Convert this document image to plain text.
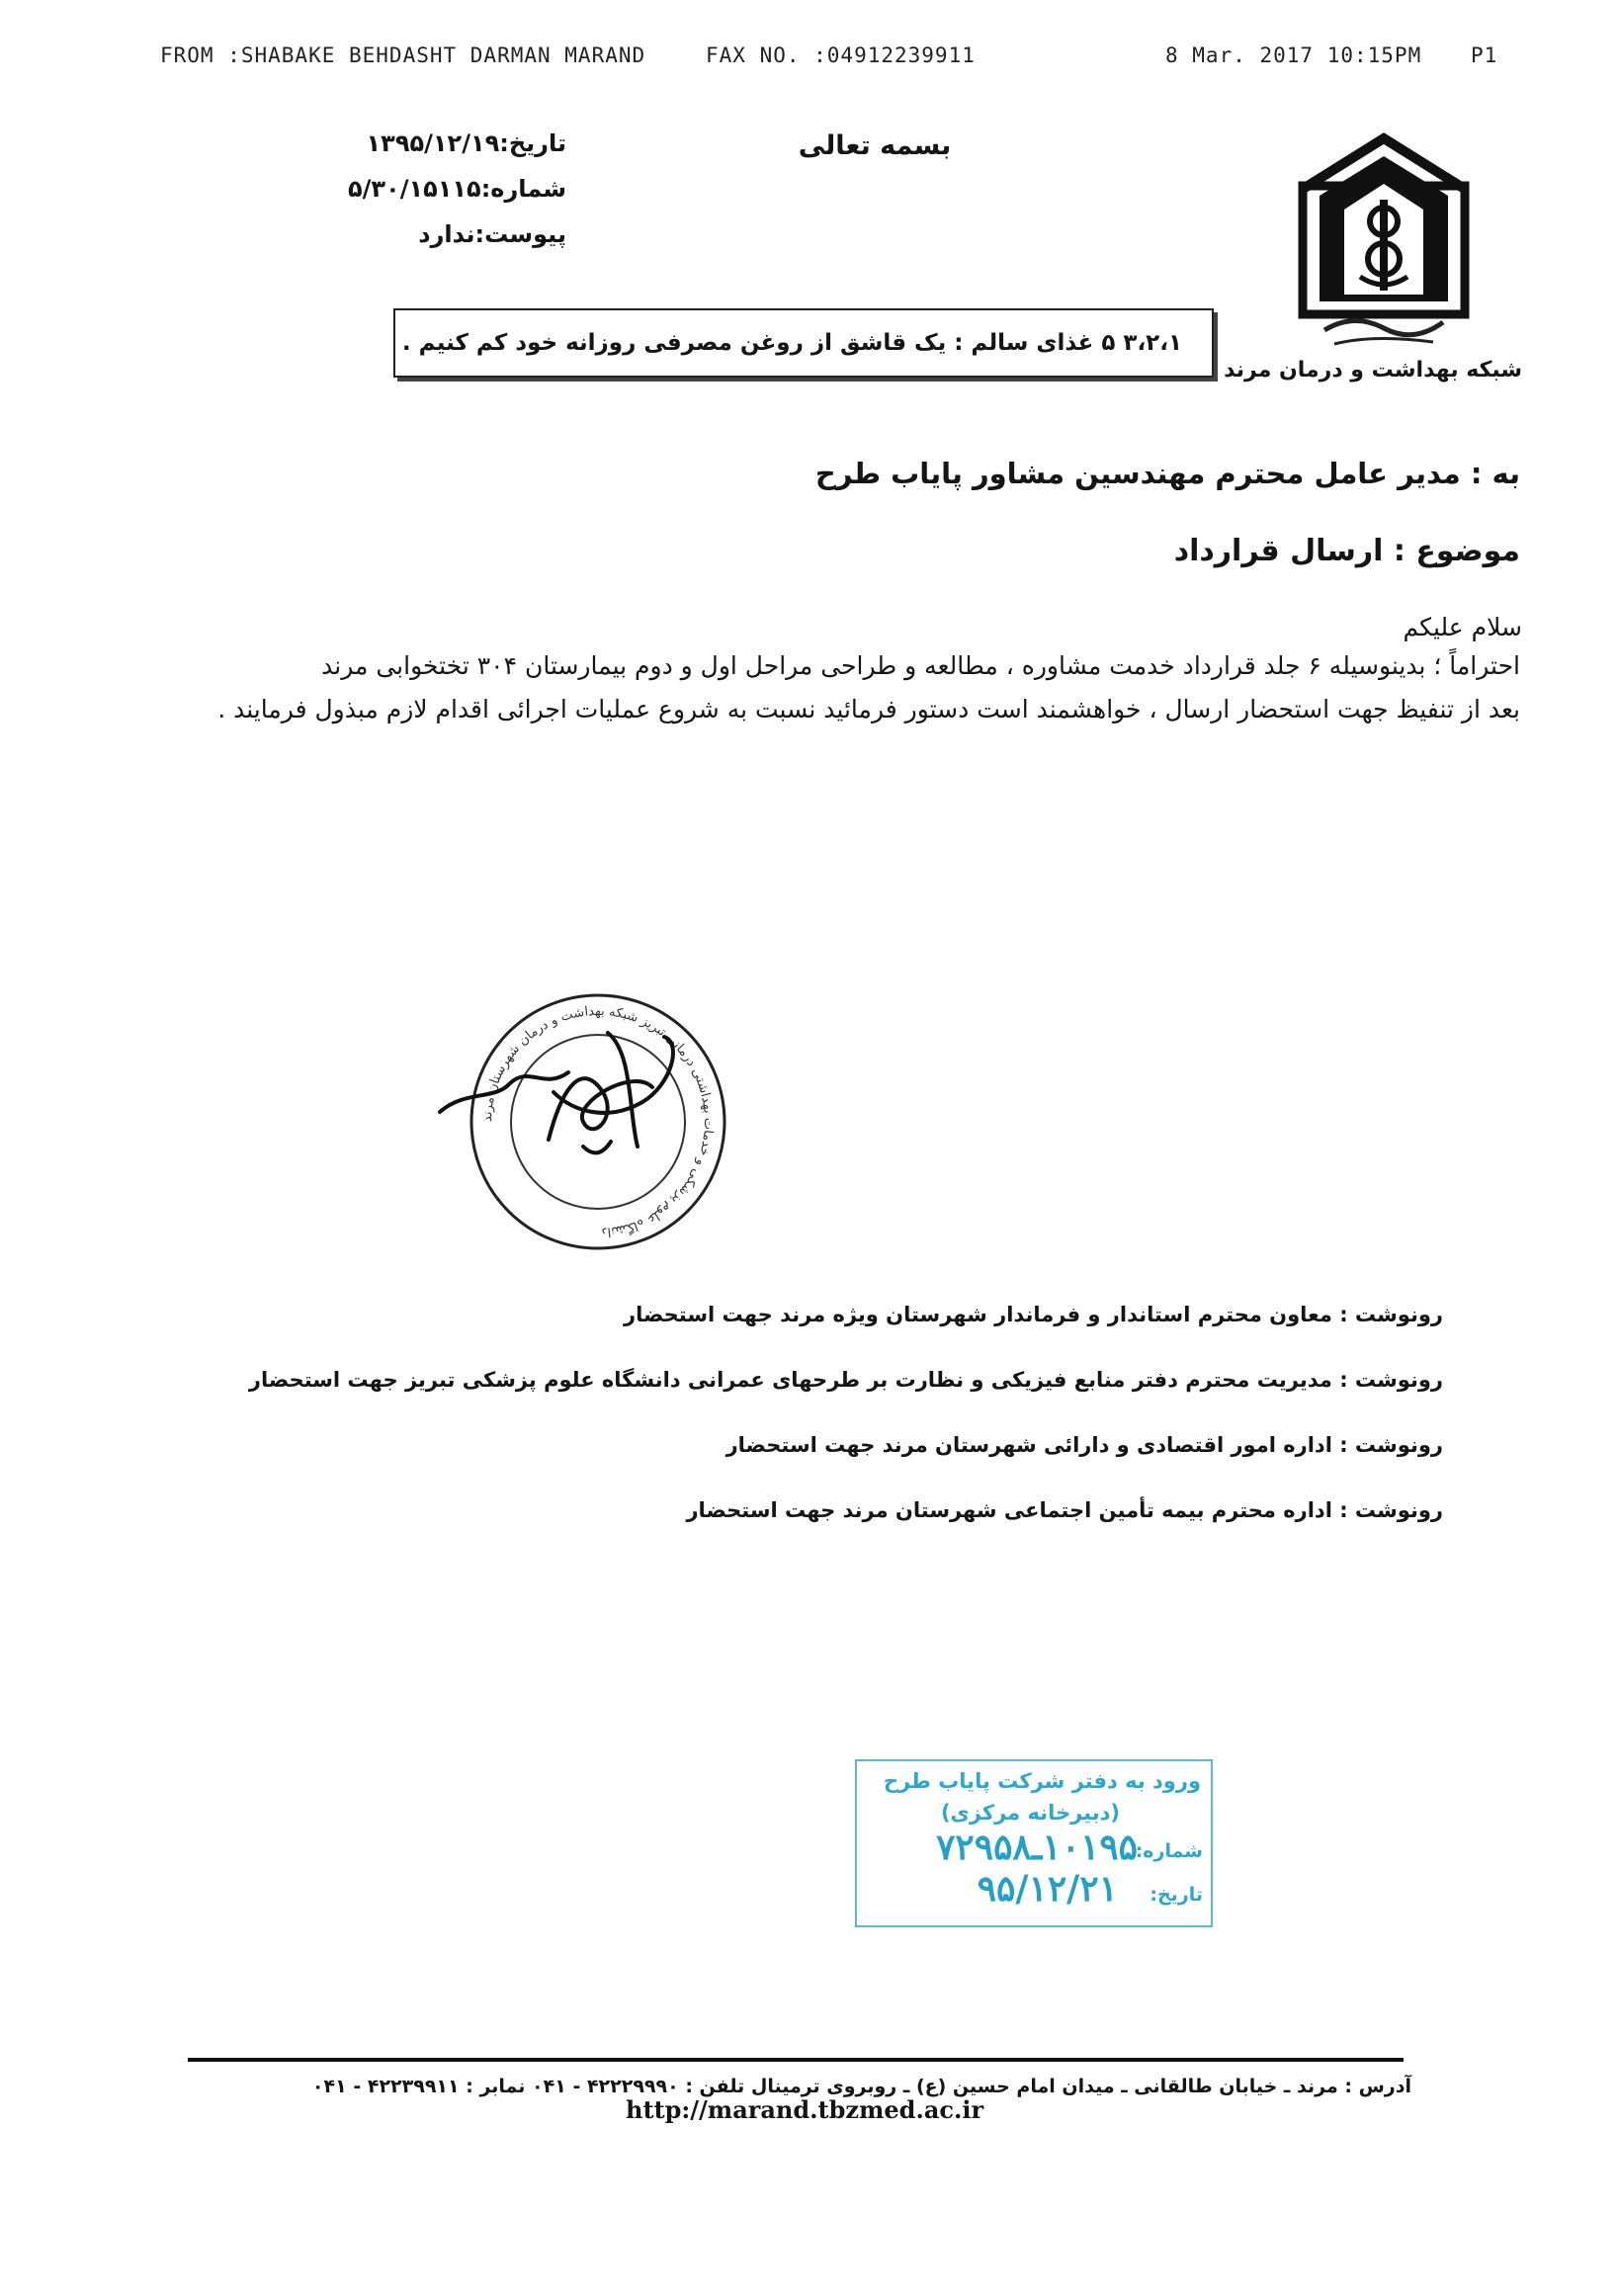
FROM :SHABAKE BEHDASHT DARMAN MARAND	FAX NO. :04912239911	8 Mar. 2017 10:15PM P1
تاریخ:۱۳۹۵/۱۲/۱۹
شماره:۵/۳۰/۱۵۱۱۵
پیوست:ندارد
بسمه تعالی
شبکه بهداشت و درمان مرند
۳،۲،۱ ۵ غذای سالم : یک قاشق از روغن مصرفی روزانه خود کم کنیم .
به : مدیر عامل محترم مهندسین مشاور پایاب طرح
موضوع : ارسال قرارداد
سلام علیکم
احتراماً ؛ بدینوسیله ۶ جلد قرارداد خدمت مشاوره ، مطالعه و طراحی مراحل اول و دوم بیمارستان ۳۰۴ تختخوابی مرند
بعد از تنفیظ جهت استحضار ارسال ، خواهشمند است دستور فرمائید نسبت به شروع عملیات اجرائی اقدام لازم مبذول فرمایند .
دانشگاه علوم پزشکی و خدمات بهداشتی درمانی تبریز شبکه بهداشت و درمان شهرستان مرند
رونوشت : معاون محترم استاندار و فرماندار شهرستان ویژه مرند جهت استحضار
رونوشت : مدیریت محترم دفتر منابع فیزیکی و نظارت بر طرحهای عمرانی دانشگاه علوم پزشکی تبریز جهت استحضار
رونوشت : اداره امور اقتصادی و دارائی شهرستان مرند جهت استحضار
رونوشت : اداره محترم بیمه تأمین اجتماعی شهرستان مرند جهت استحضار
ورود به دفتر شرکت پایاب طرح
(دبیرخانه مرکزی)
شماره:
۱۰۱۹۵ـ۷۲۹۵۸
تاریخ:
۹۵/۱۲/۲۱
آدرس : مرند ـ خیابان طالقانی ـ میدان امام حسین (ع) ـ روبروی ترمینال تلفن : ۴۲۲۲۹۹۹۰ - ۰۴۱ نمابر : ۴۲۲۳۹۹۱۱ - ۰۴۱
http://marand.tbzmed.ac.ir
